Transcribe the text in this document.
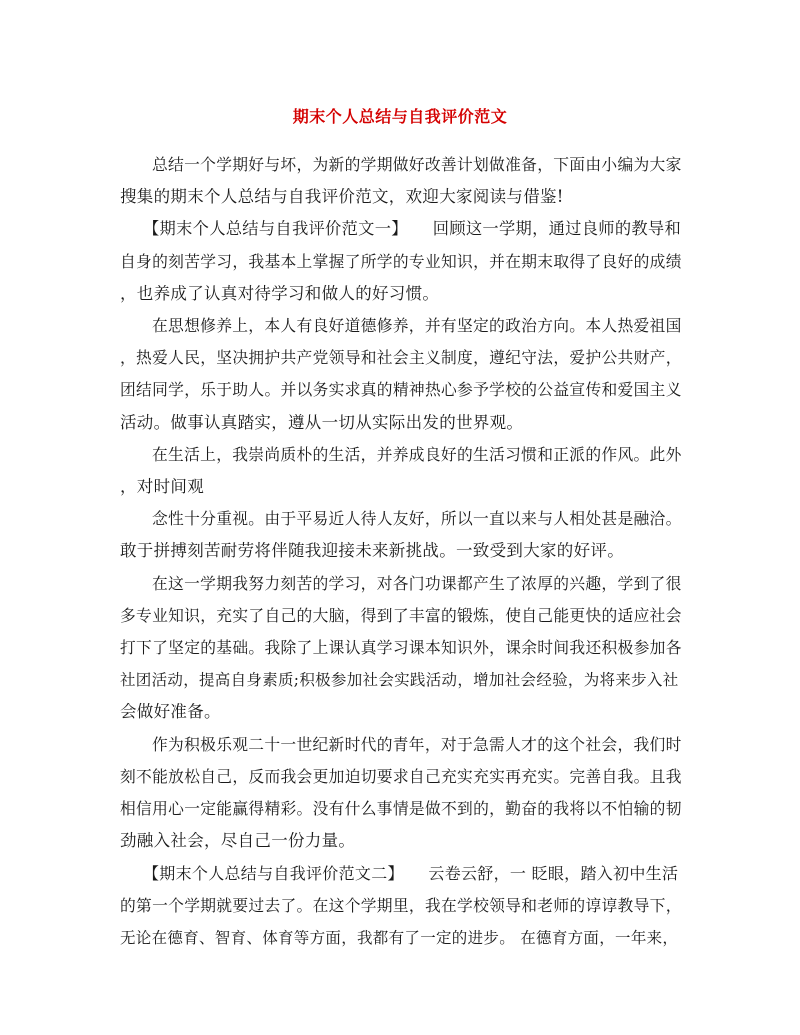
期末个人总结与自我评价范文
总结一个学期好与坏，为新的学期做好改善计划做准备，下面由小编为大家
搜集的期末个人总结与自我评价范文，欢迎大家阅读与借鉴!
【期末个人总结与自我评价范文一】　　回顾这一学期，通过良师的教导和
自身的刻苦学习，我基本上掌握了所学的专业知识，并在期末取得了良好的成绩
，也养成了认真对待学习和做人的好习惯。
在思想修养上，本人有良好道德修养，并有坚定的政治方向。本人热爱祖国
，热爱人民，坚决拥护共产党领导和社会主义制度，遵纪守法，爱护公共财产，
团结同学，乐于助人。并以务实求真的精神热心参予学校的公益宣传和爱国主义
活动。做事认真踏实，遵从一切从实际出发的世界观。
在生活上，我崇尚质朴的生活，并养成良好的生活习惯和正派的作风。此外
，对时间观
念性十分重视。由于平易近人待人友好，所以一直以来与人相处甚是融洽。
敢于拼搏刻苦耐劳将伴随我迎接未来新挑战。一致受到大家的好评。
在这一学期我努力刻苦的学习，对各门功课都产生了浓厚的兴趣，学到了很
多专业知识，充实了自己的大脑，得到了丰富的锻炼，使自己能更快的适应社会
打下了坚定的基础。我除了上课认真学习课本知识外，课余时间我还积极参加各
社团活动，提高自身素质;积极参加社会实践活动，增加社会经验，为将来步入社
会做好准备。
作为积极乐观二十一世纪新时代的青年，对于急需人才的这个社会，我们时
刻不能放松自己，反而我会更加迫切要求自己充实充实再充实。完善自我。且我
相信用心一定能赢得精彩。没有什么事情是做不到的，勤奋的我将以不怕输的韧
劲融入社会，尽自己一份力量。
【期末个人总结与自我评价范文二】　　云卷云舒，一 眨眼，踏入初中生活
的第一个学期就要过去了。在这个学期里，我在学校领导和老师的谆谆教导下，
无论在德育、智育、体育等方面，我都有了一定的进步。 在德育方面，一年来，
